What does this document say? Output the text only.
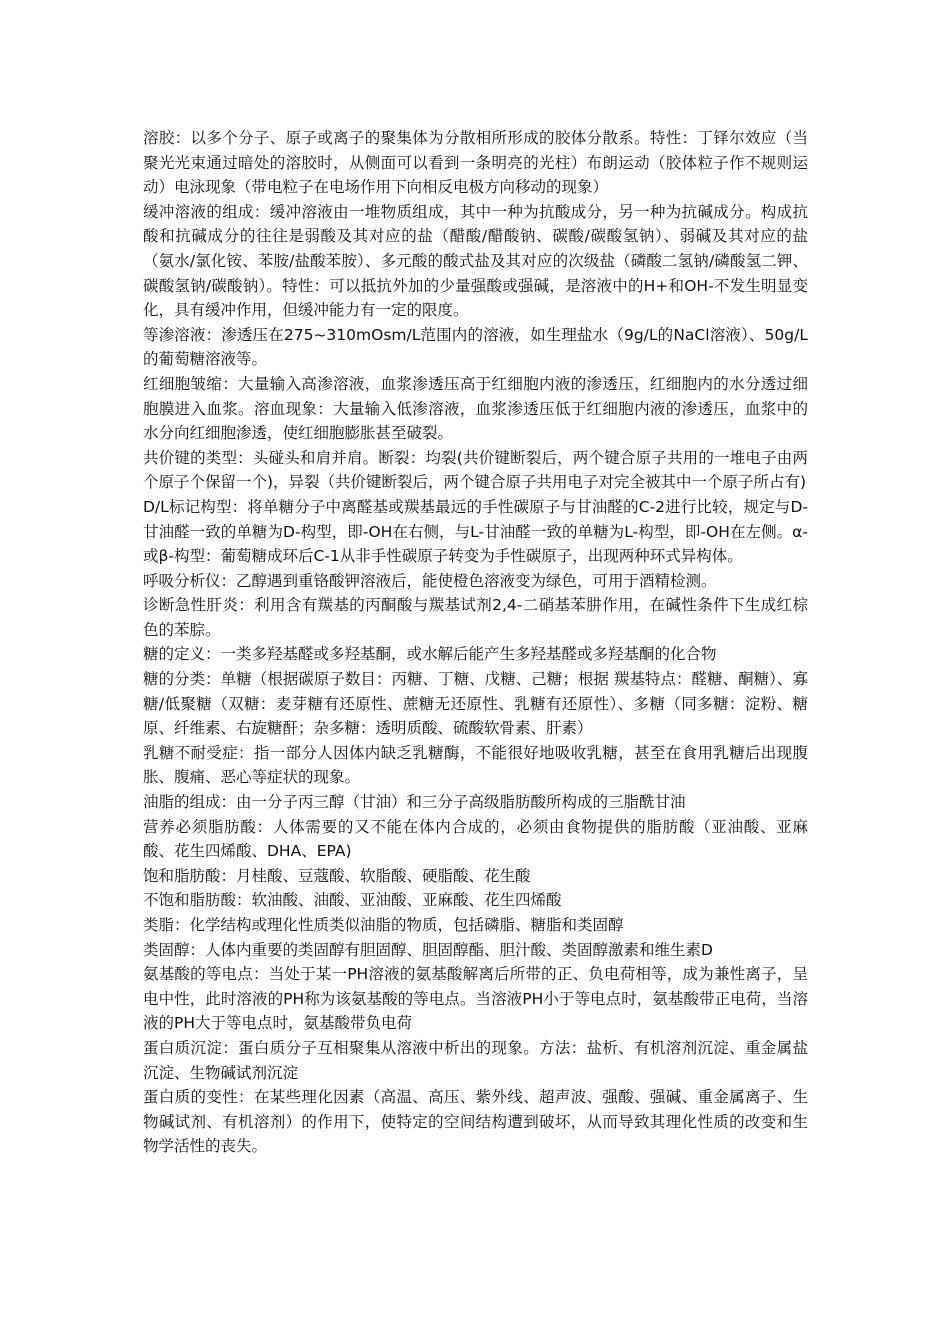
溶胶：以多个分子、原子或离子的聚集体为分散相所形成的胶体分散系。特性：丁铎尔效应（当聚光光束通过暗处的溶胶时，从侧面可以看到一条明亮的光柱）布朗运动（胶体粒子作不规则运动）电泳现象（带电粒子在电场作用下向相反电极方向移动的现象）

缓冲溶液的组成：缓冲溶液由一堆物质组成，其中一种为抗酸成分，另一种为抗碱成分。构成抗酸和抗碱成分的往往是弱酸及其对应的盐（醋酸/醋酸钠、碳酸/碳酸氢钠）、弱碱及其对应的盐（氨水/氯化铵、苯胺/盐酸苯胺）、多元酸的酸式盐及其对应的次级盐（磷酸二氢钠/磷酸氢二钾、碳酸氢钠/碳酸钠）。特性：可以抵抗外加的少量强酸或强碱，是溶液中的H+和OH-不发生明显变化，具有缓冲作用，但缓冲能力有一定的限度。

等渗溶液：渗透压在275~310mOsm/L范围内的溶液，如生理盐水（9g/L的NaCl溶液）、50g/L的葡萄糖溶液等。

红细胞皱缩：大量输入高渗溶液，血浆渗透压高于红细胞内液的渗透压，红细胞内的水分透过细胞膜进入血浆。溶血现象：大量输入低渗溶液，血浆渗透压低于红细胞内液的渗透压，血浆中的水分向红细胞渗透，使红细胞膨胀甚至破裂。

共价键的类型：头碰头和肩并肩。断裂：均裂(共价键断裂后，两个键合原子共用的一堆电子由两个原子个保留一个)，异裂（共价键断裂后，两个键合原子共用电子对完全被其中一个原子所占有)

D/L标记构型：将单糖分子中离醛基或羰基最远的手性碳原子与甘油醛的C-2进行比较，规定与D-甘油醛一致的单糖为D-构型，即-OH在右侧，与L-甘油醛一致的单糖为L-构型，即-OH在左侧。α-或β-构型：葡萄糖成环后C-1从非手性碳原子转变为手性碳原子，出现两种环式异构体。

呼吸分析仪：乙醇遇到重铬酸钾溶液后，能使橙色溶液变为绿色，可用于酒精检测。

诊断急性肝炎：利用含有羰基的丙酮酸与羰基试剂2,4-二硝基苯肼作用，在碱性条件下生成红棕色的苯腙。

糖的定义：一类多羟基醛或多羟基酮，或水解后能产生多羟基醛或多羟基酮的化合物

糖的分类：单糖（根据碳原子数目：丙糖、丁糖、戊糖、己糖；根据 羰基特点：醛糖、酮糖）、寡糖/低聚糖（双糖：麦芽糖有还原性、蔗糖无还原性、乳糖有还原性）、多糖（同多糖：淀粉、糖原、纤维素、右旋糖酐；杂多糖：透明质酸、硫酸软骨素、肝素）

乳糖不耐受症：指一部分人因体内缺乏乳糖酶，不能很好地吸收乳糖，甚至在食用乳糖后出现腹胀、腹痛、恶心等症状的现象。

油脂的组成：由一分子丙三醇（甘油）和三分子高级脂肪酸所构成的三脂酰甘油

营养必须脂肪酸：人体需要的又不能在体内合成的，必须由食物提供的脂肪酸（亚油酸、亚麻酸、花生四烯酸、DHA、EPA)

饱和脂肪酸：月桂酸、豆蔻酸、软脂酸、硬脂酸、花生酸

不饱和脂肪酸：软油酸、油酸、亚油酸、亚麻酸、花生四烯酸

类脂：化学结构或理化性质类似油脂的物质，包括磷脂、糖脂和类固醇

类固醇：人体内重要的类固醇有胆固醇、胆固醇酯、胆汁酸、类固醇激素和维生素D

氨基酸的等电点：当处于某一PH溶液的氨基酸解离后所带的正、负电荷相等，成为兼性离子，呈电中性，此时溶液的PH称为该氨基酸的等电点。当溶液PH小于等电点时，氨基酸带正电荷，当溶液的PH大于等电点时，氨基酸带负电荷

蛋白质沉淀：蛋白质分子互相聚集从溶液中析出的现象。方法：盐析、有机溶剂沉淀、重金属盐沉淀、生物碱试剂沉淀

蛋白质的变性：在某些理化因素（高温、高压、紫外线、超声波、强酸、强碱、重金属离子、生物碱试剂、有机溶剂）的作用下，使特定的空间结构遭到破坏，从而导致其理化性质的改变和生物学活性的丧失。
